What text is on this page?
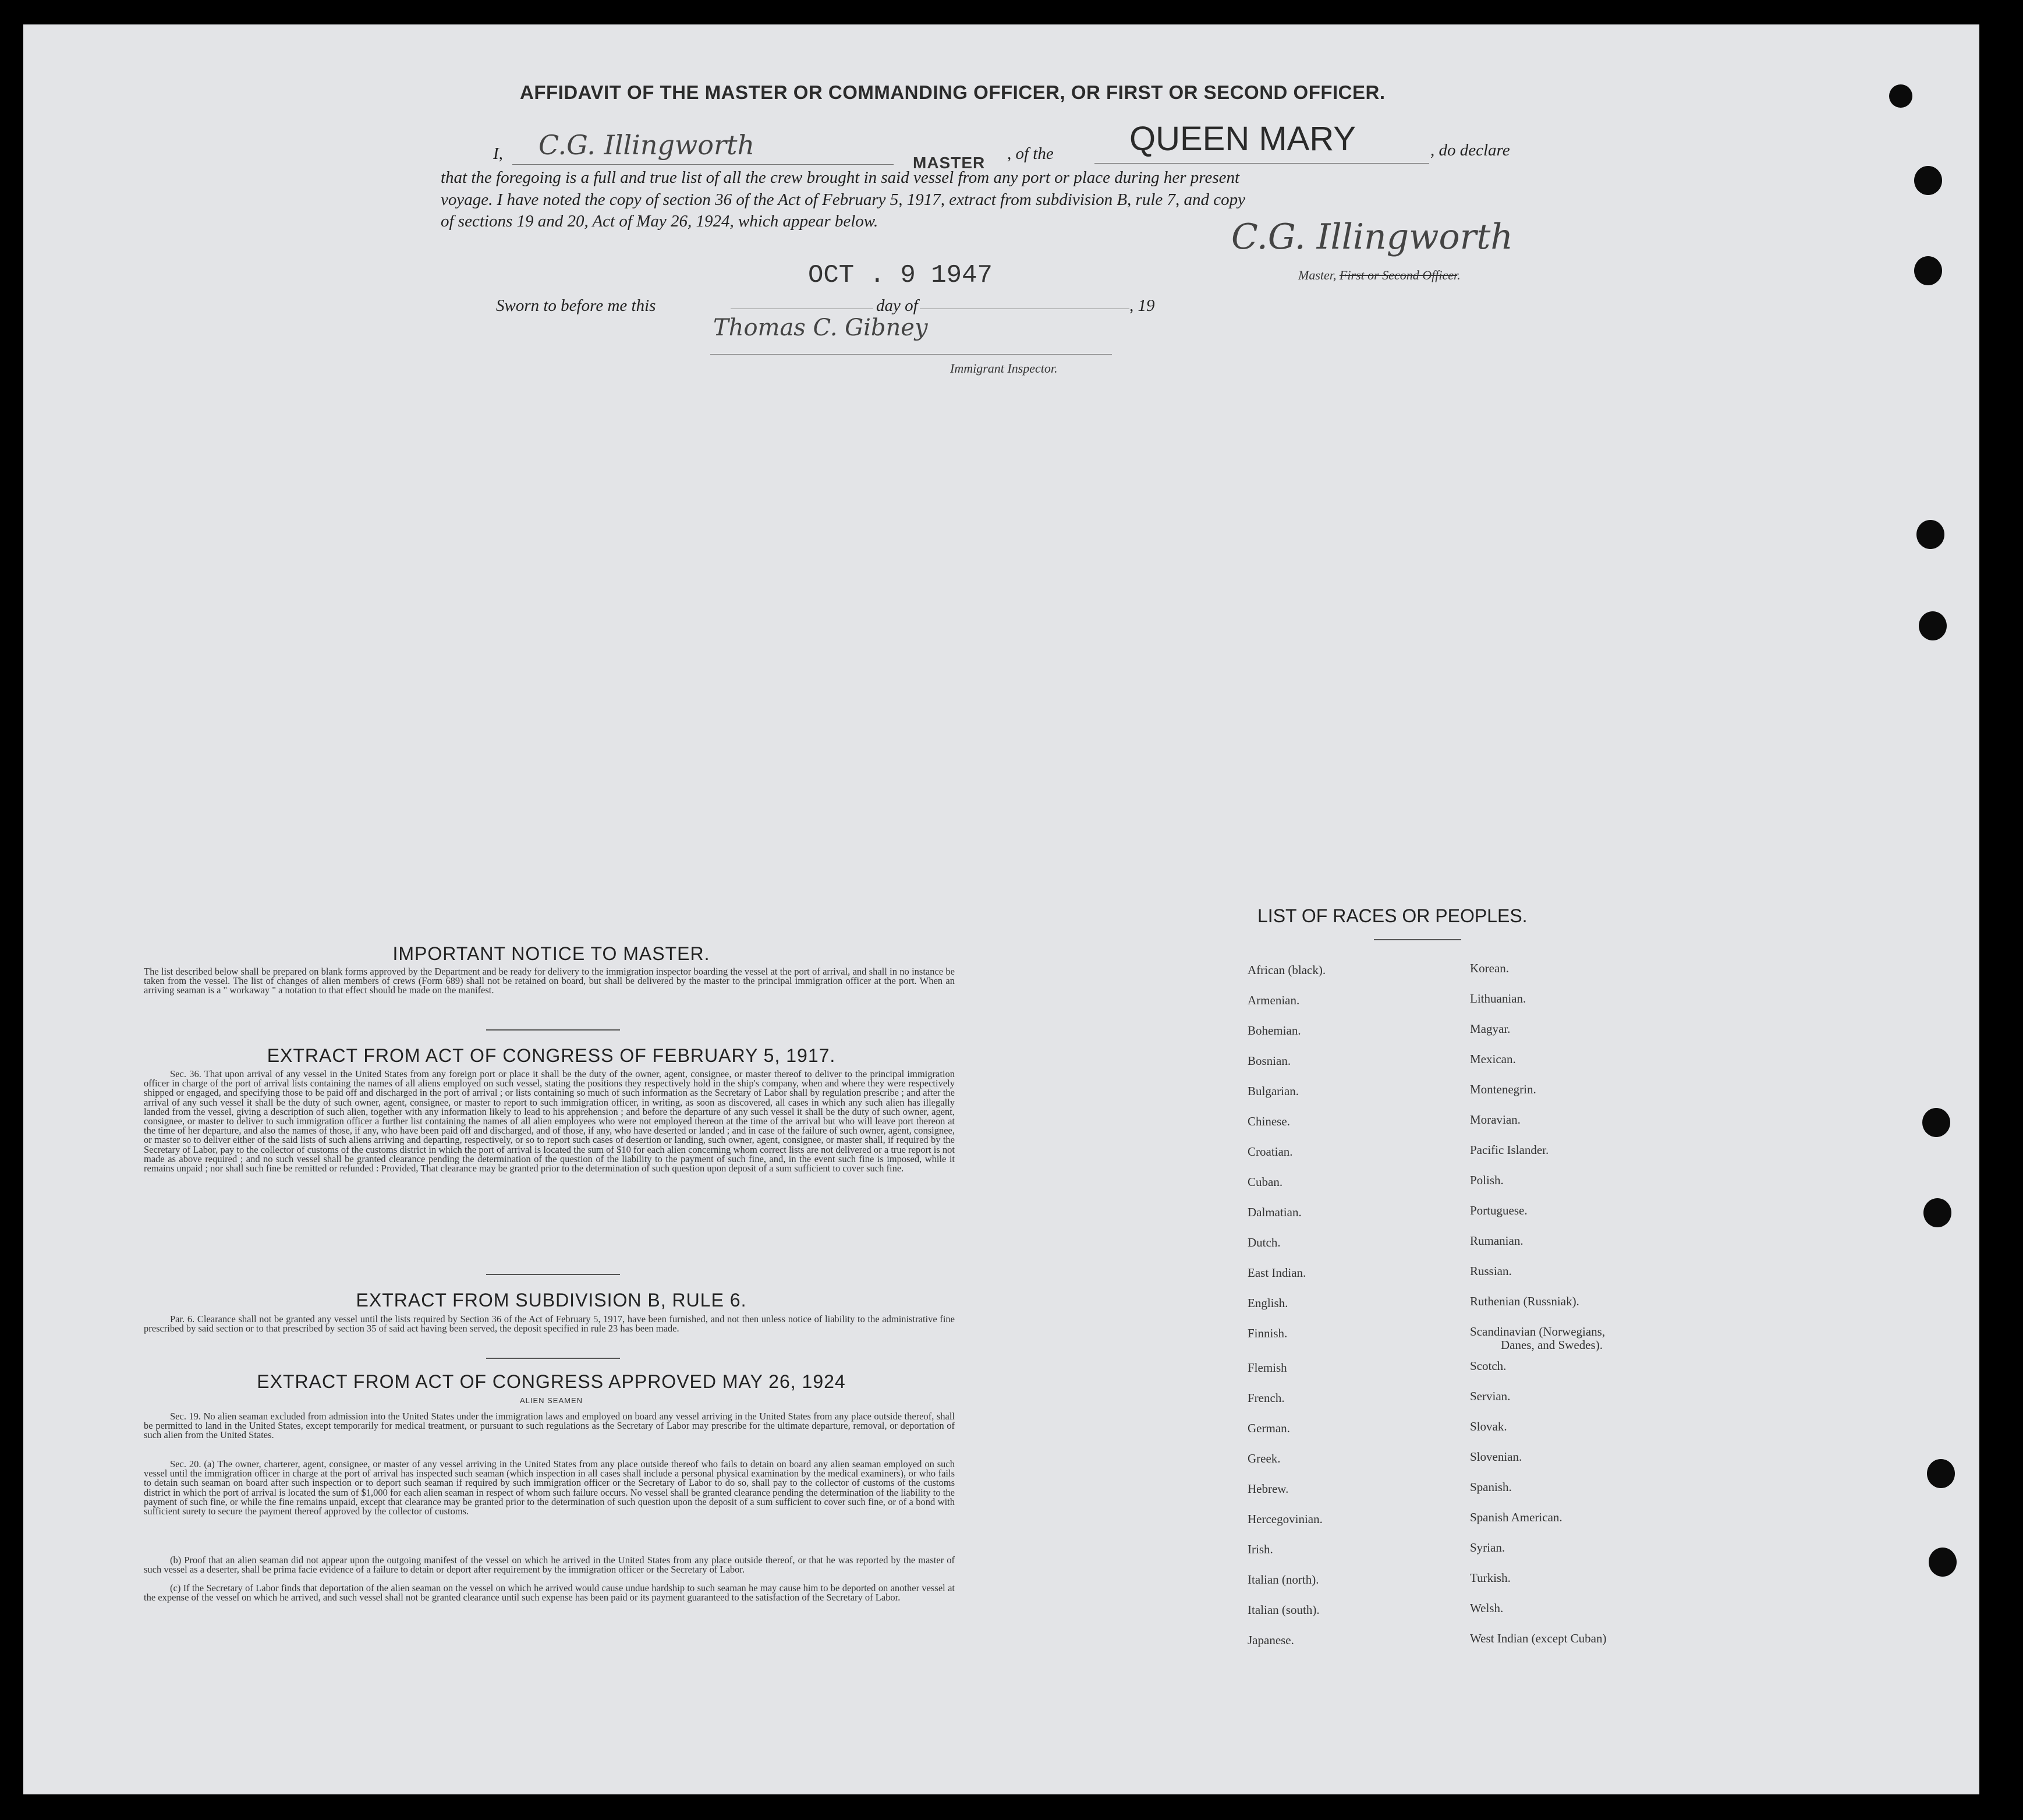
AFFIDAVIT OF THE MASTER OR COMMANDING OFFICER, OR FIRST OR SECOND OFFICER.
I, C.G. Illingworth
MASTER , of the QUEEN MARY	, do declare
that the foregoing is a full and true list of all the crew brought in said vessel from any port or place during her present
voyage. I have noted the copy of section 36 of the Act of February 5, 1917, extract from subdivision B, rule 7, and copy
of sections 19 and 20, Act of May 26, 1924, which appear below.	C.G. Illingworth
Master, First or Second Officer.
Sworn to before me this
OCT . 9 1947
day of	, 19
Thomas C. Gibney
Immigrant Inspector.
IMPORTANT NOTICE TO MASTER.
The list described below shall be prepared on blank forms approved by the Department and be ready for delivery to the immigration inspector boarding the vessel at the port of arrival, and shall in no instance be taken from the vessel. The list of changes of alien members of crews (Form 689) shall not be retained on board, but shall be delivered by the master to the principal immigration officer at the port. When an arriving seaman is a " workaway " a notation to that effect should be made on the manifest.
EXTRACT FROM ACT OF CONGRESS OF FEBRUARY 5, 1917.
Sec. 36. That upon arrival of any vessel in the United States from any foreign port or place it shall be the duty of the owner, agent, consignee, or master thereof to deliver to the principal immigration officer in charge of the port of arrival lists containing the names of all aliens employed on such vessel, stating the positions they respectively hold in the ship's company, when and where they were respectively shipped or engaged, and specifying those to be paid off and discharged in the port of arrival ; or lists containing so much of such information as the Secretary of Labor shall by regulation prescribe ; and after the arrival of any such vessel it shall be the duty of such owner, agent, consignee, or master to report to such immigration officer, in writing, as soon as discovered, all cases in which any such alien has illegally landed from the vessel, giving a description of such alien, together with any information likely to lead to his apprehension ; and before the departure of any such vessel it shall be the duty of such owner, agent, consignee, or master to deliver to such immigration officer a further list containing the names of all alien employees who were not employed thereon at the time of the arrival but who will leave port thereon at the time of her departure, and also the names of those, if any, who have been paid off and discharged, and of those, if any, who have deserted or landed ; and in case of the failure of such owner, agent, consignee, or master so to deliver either of the said lists of such aliens arriving and departing, respectively, or so to report such cases of desertion or landing, such owner, agent, consignee, or master shall, if required by the Secretary of Labor, pay to the collector of customs of the customs district in which the port of arrival is located the sum of $10 for each alien concerning whom correct lists are not delivered or a true report is not made as above required ; and no such vessel shall be granted clearance pending the determination of the question of the liability to the payment of such fine, and, in the event such fine is imposed, while it remains unpaid ; nor shall such fine be remitted or refunded : Provided, That clearance may be granted prior to the determination of such question upon deposit of a sum sufficient to cover such fine.
EXTRACT FROM SUBDIVISION B, RULE 6.
Par. 6. Clearance shall not be granted any vessel until the lists required by Section 36 of the Act of February 5, 1917, have been furnished, and not then unless notice of liability to the administrative fine prescribed by said section or to that prescribed by section 35 of said act having been served, the deposit specified in rule 23 has been made.
EXTRACT FROM ACT OF CONGRESS APPROVED MAY 26, 1924
ALIEN SEAMEN
Sec. 19. No alien seaman excluded from admission into the United States under the immigration laws and employed on board any vessel arriving in the United States from any place outside thereof, shall be permitted to land in the United States, except temporarily for medical treatment, or pursuant to such regulations as the Secretary of Labor may prescribe for the ultimate departure, removal, or deportation of such alien from the United States.
Sec. 20. (a) The owner, charterer, agent, consignee, or master of any vessel arriving in the United States from any place outside thereof who fails to detain on board any alien seaman employed on such vessel until the immigration officer in charge at the port of arrival has inspected such seaman (which inspection in all cases shall include a personal physical examination by the medical examiners), or who fails to detain such seaman on board after such inspection or to deport such seaman if required by such immigration officer or the Secretary of Labor to do so, shall pay to the collector of customs of the customs district in which the port of arrival is located the sum of $1,000 for each alien seaman in respect of whom such failure occurs. No vessel shall be granted clearance pending the determination of the liability to the payment of such fine, or while the fine remains unpaid, except that clearance may be granted prior to the determination of such question upon the deposit of a sum sufficient to cover such fine, or of a bond with sufficient surety to secure the payment thereof approved by the collector of customs.
(b) Proof that an alien seaman did not appear upon the outgoing manifest of the vessel on which he arrived in the United States from any place outside thereof, or that he was reported by the master of such vessel as a deserter, shall be prima facie evidence of a failure to detain or deport after requirement by the immigration officer or the Secretary of Labor.
(c) If the Secretary of Labor finds that deportation of the alien seaman on the vessel on which he arrived would cause undue hardship to such seaman he may cause him to be deported on another vessel at the expense of the vessel on which he arrived, and such vessel shall not be granted clearance until such expense has been paid or its payment guaranteed to the satisfaction of the Secretary of Labor.
LIST OF RACES OR PEOPLES.
African (black).
Armenian.
Bohemian.
Bosnian.
Bulgarian.
Chinese.
Croatian.
Cuban.
Dalmatian.
Dutch.
East Indian.
English.
Finnish.
Flemish
French.
German.
Greek.
Hebrew.
Hercegovinian.
Irish.
Italian (north).
Italian (south).
Japanese.
Korean.
Lithuanian.
Magyar.
Mexican.
Montenegrin.
Moravian.
Pacific Islander.
Polish.
Portuguese.
Rumanian.
Russian.
Ruthenian (Russniak).
Scandinavian (Norwegians,
Danes, and Swedes).
Scotch.
Servian.
Slovak.
Slovenian.
Spanish.
Spanish American.
Syrian.
Turkish.
Welsh.
West Indian (except Cuban)
